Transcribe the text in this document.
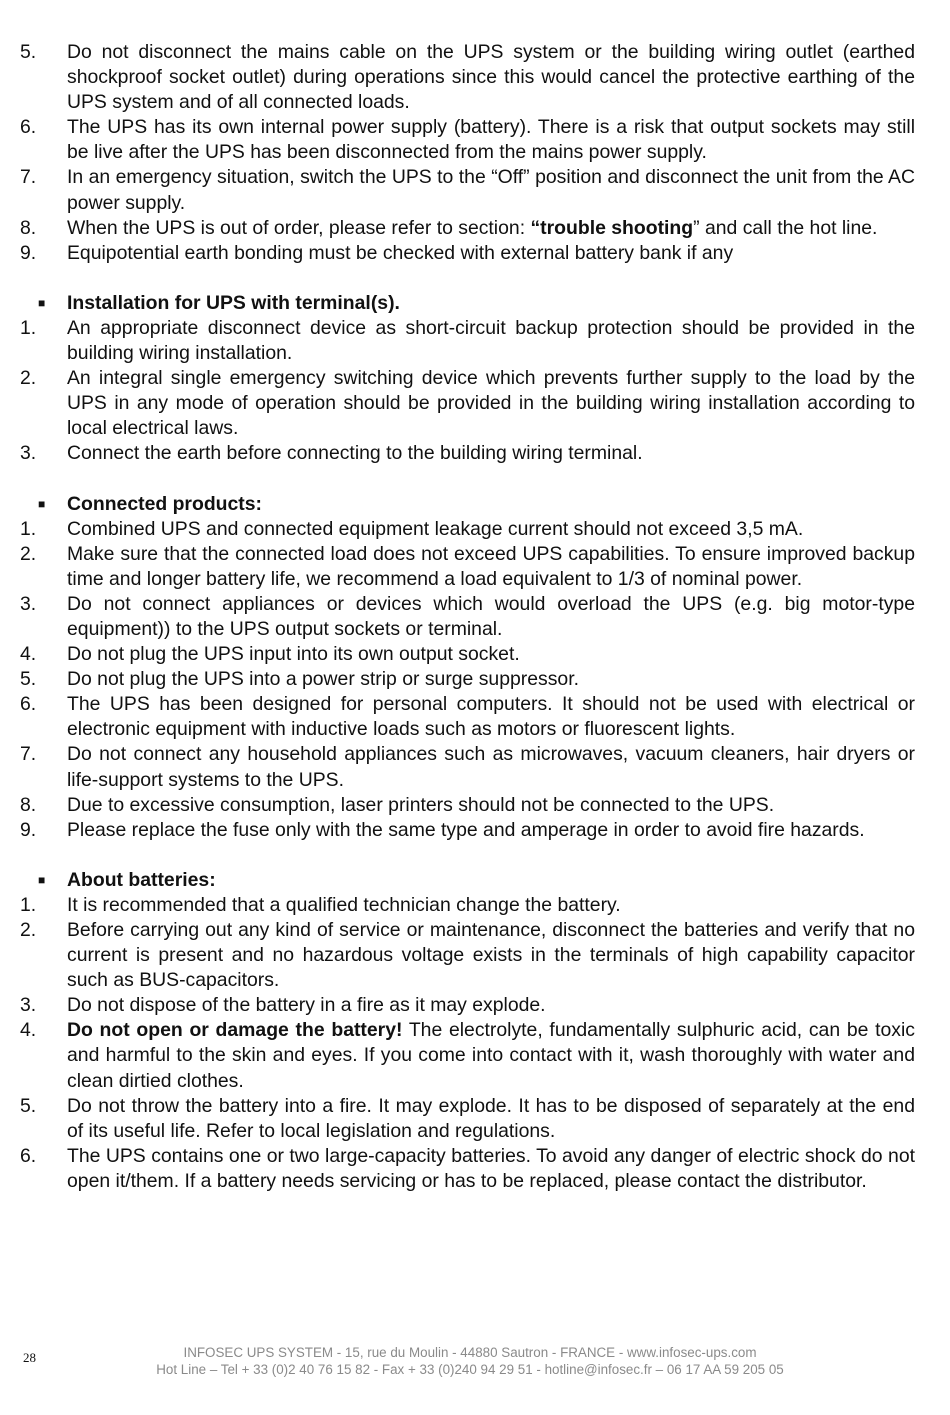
5.	Do not disconnect the mains cable on the UPS system or the building wiring outlet (earthed shockproof socket outlet) during operations since this would cancel the protective earthing of the UPS system and of all connected loads.
6.	The UPS has its own internal power supply (battery). There is a risk that output sockets may still be live after the UPS has been disconnected from the mains power supply.
7.	In an emergency situation, switch the UPS to the “Off” position and disconnect the unit from the AC power supply.
8.	When the UPS is out of order, please refer to section: “trouble shooting” and call the hot line.
9.	Equipotential earth bonding must be checked with external battery bank if any
■	Installation for UPS with terminal(s).
1.	An appropriate disconnect device as short-circuit backup protection should be provided in the building wiring installation.
2.	An integral single emergency switching device which prevents further supply to the load by the UPS in any mode of operation should be provided in the building wiring installation according to local electrical laws.
3.	Connect the earth before connecting to the building wiring terminal.
■	Connected products:
1.	Combined UPS and connected equipment leakage current should not exceed 3,5 mA.
2.	Make sure that the connected load does not exceed UPS capabilities. To ensure improved backup time and longer battery life, we recommend a load equivalent to 1/3 of nominal power.
3.	Do not connect appliances or devices which would overload the UPS (e.g. big motor-type equipment)) to the UPS output sockets or terminal.
4.	Do not plug the UPS input into its own output socket.
5.	Do not plug the UPS into a power strip or surge suppressor.
6.	The UPS has been designed for personal computers. It should not be used with electrical or electronic equipment with inductive loads such as motors or fluorescent lights.
7.	Do not connect any household appliances such as microwaves, vacuum cleaners, hair dryers or life-support systems to the UPS.
8.	Due to excessive consumption, laser printers should not be connected to the UPS.
9.	Please replace the fuse only with the same type and amperage in order to avoid fire hazards.
■	About batteries:
1.	It is recommended that a qualified technician change the battery.
2.	Before carrying out any kind of service or maintenance, disconnect the batteries and verify that no current is present and no hazardous voltage exists in the terminals of high capability capacitor such as BUS-capacitors.
3.	Do not dispose of the battery in a fire as it may explode.
4.	Do not open or damage the battery! The electrolyte, fundamentally sulphuric acid, can be toxic and harmful to the skin and eyes. If you come into contact with it, wash thoroughly with water and clean dirtied clothes.
5.	Do not throw the battery into a fire. It may explode. It has to be disposed of separately at the end of its useful life. Refer to local legislation and regulations.
6.	The UPS contains one or two large-capacity batteries. To avoid any danger of electric shock do not open it/them. If a battery needs servicing or has to be replaced, please contact the distributor.
28	INFOSEC UPS SYSTEM - 15, rue du Moulin - 44880 Sautron - FRANCE - www.infosec-ups.com
Hot Line – Tel + 33 (0)2 40 76 15 82 - Fax + 33 (0)240 94 29 51 - hotline@infosec.fr – 06 17 AA 59 205 05
